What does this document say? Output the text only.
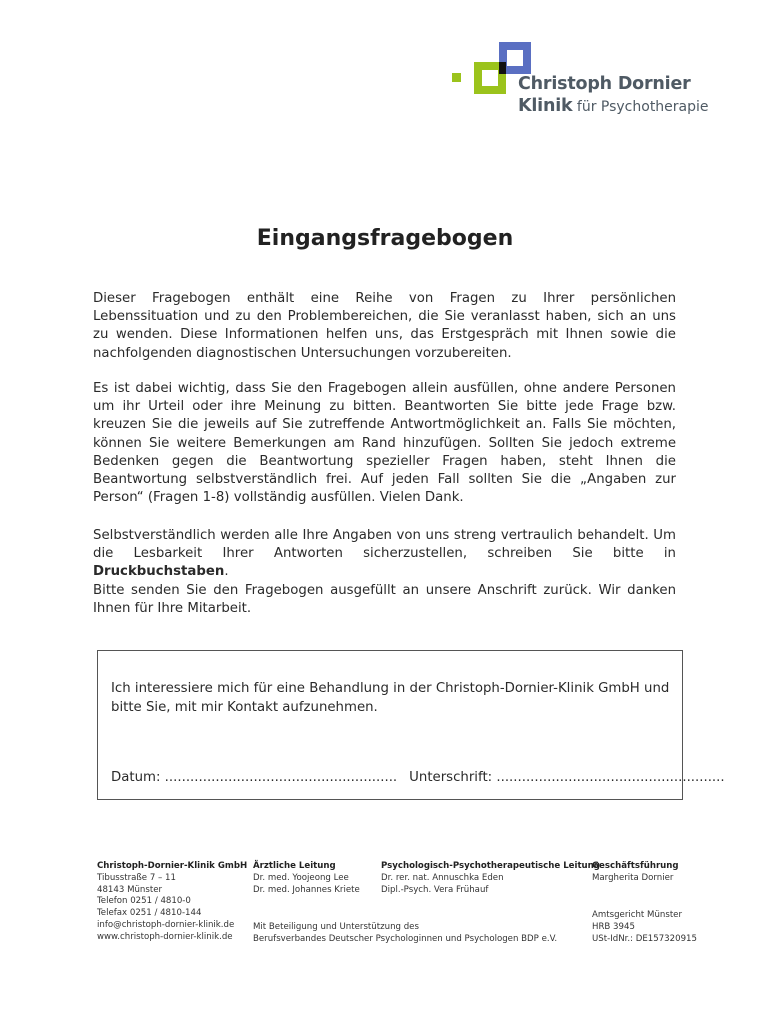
Christoph Dornier
Klinik für Psychotherapie
Eingangsfragebogen
Dieser Fragebogen enthält eine Reihe von Fragen zu Ihrer persönlichen Lebenssituation und zu den Problembereichen, die Sie veranlasst haben, sich an uns zu wenden. Diese Informationen helfen uns, das Erstgespräch mit Ihnen sowie die nachfolgenden diagnostischen Untersuchungen vorzubereiten.
Es ist dabei wichtig, dass Sie den Fragebogen allein ausfüllen, ohne andere Personen um ihr Urteil oder ihre Meinung zu bitten. Beantworten Sie bitte jede Frage bzw. kreuzen Sie die jeweils auf Sie zutreffende Antwortmöglichkeit an. Falls Sie möchten, können Sie weitere Bemerkungen am Rand hinzufügen. Sollten Sie jedoch extreme Bedenken gegen die Beantwortung spezieller Fragen haben, steht Ihnen die Beantwortung selbstverständlich frei. Auf jeden Fall sollten Sie die „Angaben zur Person“ (Fragen 1-8) vollständig ausfüllen. Vielen Dank.
Selbstverständlich werden alle Ihre Angaben von uns streng vertraulich behandelt. Um die Lesbarkeit Ihrer Antworten sicherzustellen, schreiben Sie bitte in Druckbuchstaben.
Bitte senden Sie den Fragebogen ausgefüllt an unsere Anschrift zurück. Wir danken Ihnen für Ihre Mitarbeit.
Ich interessiere mich für eine Behandlung in der Christoph-Dornier-Klinik GmbH und bitte Sie, mit mir Kontakt aufzunehmen.
Datum: ....................................................... Unterschrift: ......................................................
Christoph-Dornier-Klinik GmbH
Tibusstraße 7 – 11
48143 Münster
Telefon 0251 / 4810-0
Telefax 0251 / 4810-144
info@christoph-dornier-klinik.de
www.christoph-dornier-klinik.de
Ärztliche Leitung
Dr. med. Yoojeong Lee
Dr. med. Johannes Kriete
Mit Beteiligung und Unterstützung des
Berufsverbandes Deutscher Psychologinnen und Psychologen BDP e.V.
Psychologisch-Psychotherapeutische Leitung
Dr. rer. nat. Annuschka Eden
Dipl.-Psych. Vera Frühauf
Geschäftsführung
Margherita Dornier
Amtsgericht Münster
HRB 3945
USt-IdNr.: DE157320915
